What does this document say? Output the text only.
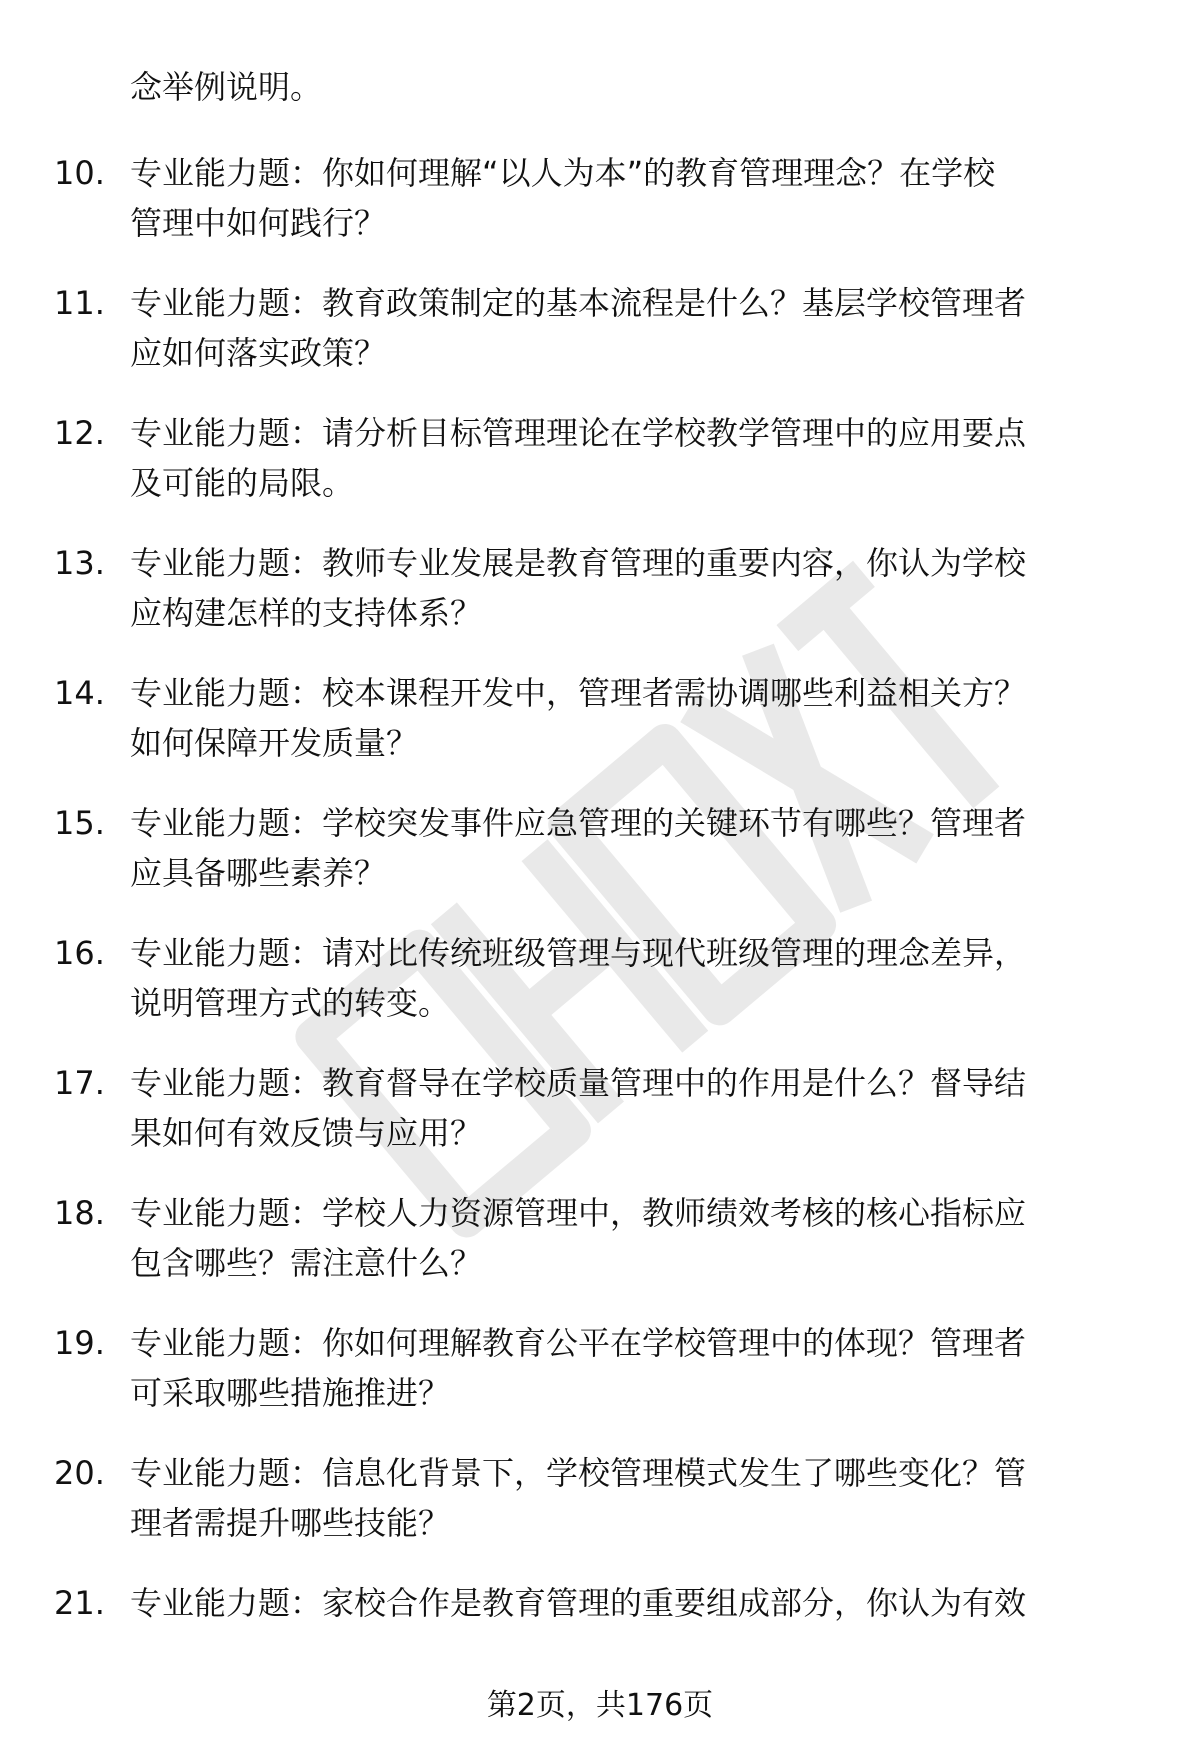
念举例说明。
10. 专业能力题：你如何理解“以人为本”的教育管理理念？在学校
管理中如何践行？
11. 专业能力题：教育政策制定的基本流程是什么？基层学校管理者
应如何落实政策？
12. 专业能力题：请分析目标管理理论在学校教学管理中的应用要点
及可能的局限。
13. 专业能力题：教师专业发展是教育管理的重要内容，你认为学校
应构建怎样的支持体系？
14. 专业能力题：校本课程开发中，管理者需协调哪些利益相关方？
如何保障开发质量？
15. 专业能力题：学校突发事件应急管理的关键环节有哪些？管理者
应具备哪些素养？
16. 专业能力题：请对比传统班级管理与现代班级管理的理念差异，
说明管理方式的转变。
17. 专业能力题：教育督导在学校质量管理中的作用是什么？督导结
果如何有效反馈与应用？
18. 专业能力题：学校人力资源管理中，教师绩效考核的核心指标应
包含哪些？需注意什么？
19. 专业能力题：你如何理解教育公平在学校管理中的体现？管理者
可采取哪些措施推进？
20. 专业能力题：信息化背景下，学校管理模式发生了哪些变化？管
理者需提升哪些技能？
21. 专业能力题：家校合作是教育管理的重要组成部分，你认为有效
第2页，共176页
